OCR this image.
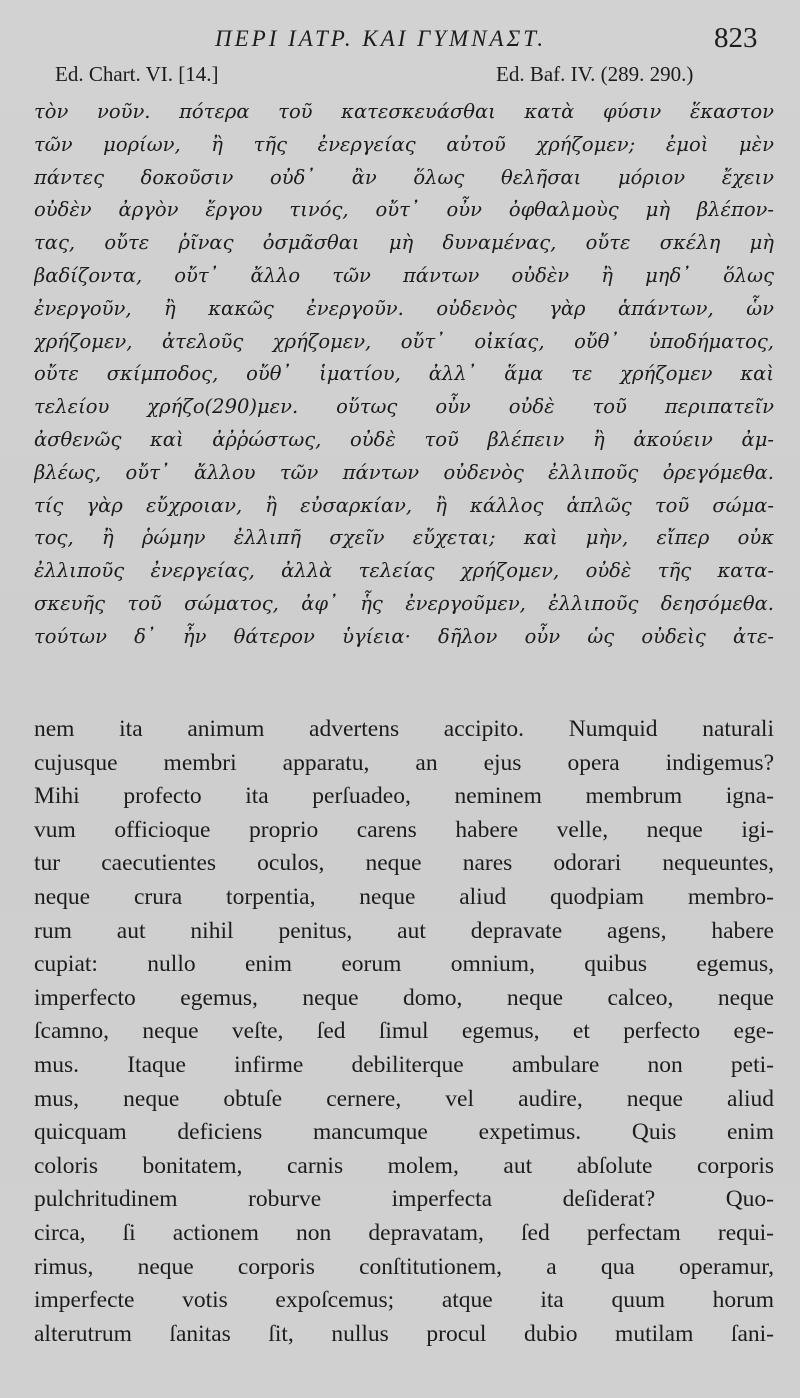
ΠΕΡΙ ΙΑΤΡ. ΚΑΙ ΓΥΜΝΑΣΤ.	823
Ed. Chart. VI. [14.]	Ed. Baf. IV. (289. 290.)
τὸν νοῦν. πότερα τοῦ κατεσκευάσθαι κατὰ φύσιν ἕκαστον
τῶν μορίων, ἢ τῆς ἐνεργείας αὐτοῦ χρήζομεν; ἐμοὶ μὲν
πάντες δοκοῦσιν οὐδ᾿ ἂν ὅλως θελῆσαι μόριον ἔχειν
οὐδὲν ἀργὸν ἔργου τινός, οὔτ᾿ οὖν ὀφθαλμοὺς μὴ βλέπον-
τας, οὔτε ῥῖνας ὀσμᾶσθαι μὴ δυναμένας, οὔτε σκέλη μὴ
βαδίζοντα, οὔτ᾿ ἄλλο τῶν πάντων οὐδὲν ἢ μηδ᾿ ὅλως
ἐνεργοῦν, ἢ κακῶς ἐνεργοῦν. οὐδενὸς γὰρ ἁπάντων, ὧν
χρήζομεν, ἀτελοῦς χρήζομεν, οὔτ᾿ οἰκίας, οὔθ᾿ ὑποδήματος,
οὔτε σκίμποδος, οὔθ᾿ ἱματίου, ἀλλ᾿ ἅμα τε χρήζομεν καὶ
τελείου χρήζο(290)μεν. οὕτως οὖν οὐδὲ τοῦ περιπατεῖν
ἀσθενῶς καὶ ἀῤῥώστως, οὐδὲ τοῦ βλέπειν ἢ ἀκούειν ἀμ-
βλέως, οὔτ᾿ ἄλλου τῶν πάντων οὐδενὸς ἐλλιποῦς ὀρεγόμεθα.
τίς γὰρ εὔχροιαν, ἢ εὐσαρκίαν, ἢ κάλλος ἁπλῶς τοῦ σώμα-
τος, ἢ ῥώμην ἐλλιπῆ σχεῖν εὔχεται; καὶ μὴν, εἴπερ οὐκ
ἐλλιποῦς ἐνεργείας, ἀλλὰ τελείας χρήζομεν, οὐδὲ τῆς κατα-
σκευῆς τοῦ σώματος, ἀφ᾿ ἧς ἐνεργοῦμεν, ἐλλιποῦς δεησόμεθα.
τούτων δ᾿ ἦν θάτερον ὑγίεια· δῆλον οὖν ὡς οὐδεὶς ἀτε-
nem ita animum advertens accipito. Numquid naturali
cujusque membri apparatu, an ejus opera indigemus?
Mihi profecto ita perſuadeo, neminem membrum igna-
vum officioque proprio carens habere velle, neque igi-
tur caecutientes oculos, neque nares odorari nequeuntes,
neque crura torpentia, neque aliud quodpiam membro-
rum aut nihil penitus, aut depravate agens, habere
cupiat: nullo enim eorum omnium, quibus egemus,
imperfecto egemus, neque domo, neque calceo, neque
ſcamno, neque veſte, ſed ſimul egemus, et perfecto ege-
mus. Itaque infirme debiliterque ambulare non peti-
mus, neque obtuſe cernere, vel audire, neque aliud
quicquam deficiens mancumque expetimus. Quis enim
coloris bonitatem, carnis molem, aut abſolute corporis
pulchritudinem roburve imperfecta deſiderat? Quo-
circa, ſi actionem non depravatam, ſed perfectam requi-
rimus, neque corporis conſtitutionem, a qua operamur,
imperfecte votis expoſcemus; atque ita quum horum
alterutrum ſanitas ſit, nullus procul dubio mutilam ſani-
